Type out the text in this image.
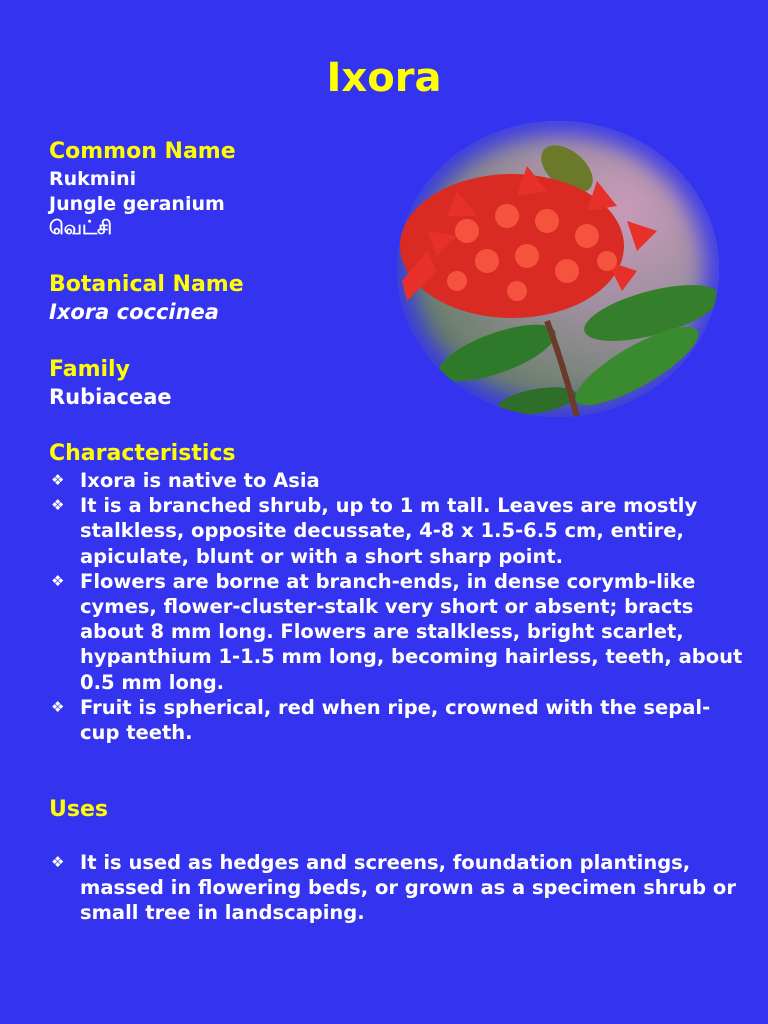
Ixora
Common Name
Rukmini
Jungle geranium
வெட்சி
Botanical Name
Ixora coccinea
Family
Rubiaceae
Characteristics
❖ Ixora is native to Asia
❖ It is a branched shrub, up to 1 m tall. Leaves are mostly stalkless, opposite decussate, 4-8 x 1.5-6.5 cm, entire, apiculate, blunt or with a short sharp point.
❖ Flowers are borne at branch-ends, in dense corymb-like cymes, flower-cluster-stalk very short or absent; bracts about 8 mm long. Flowers are stalkless, bright scarlet, hypanthium 1-1.5 mm long, becoming hairless, teeth, about 0.5 mm long.
❖ Fruit is spherical, red when ripe, crowned with the sepal-cup teeth.
Uses
❖ It is used as hedges and screens, foundation plantings, massed in flowering beds, or grown as a specimen shrub or small tree in landscaping.
